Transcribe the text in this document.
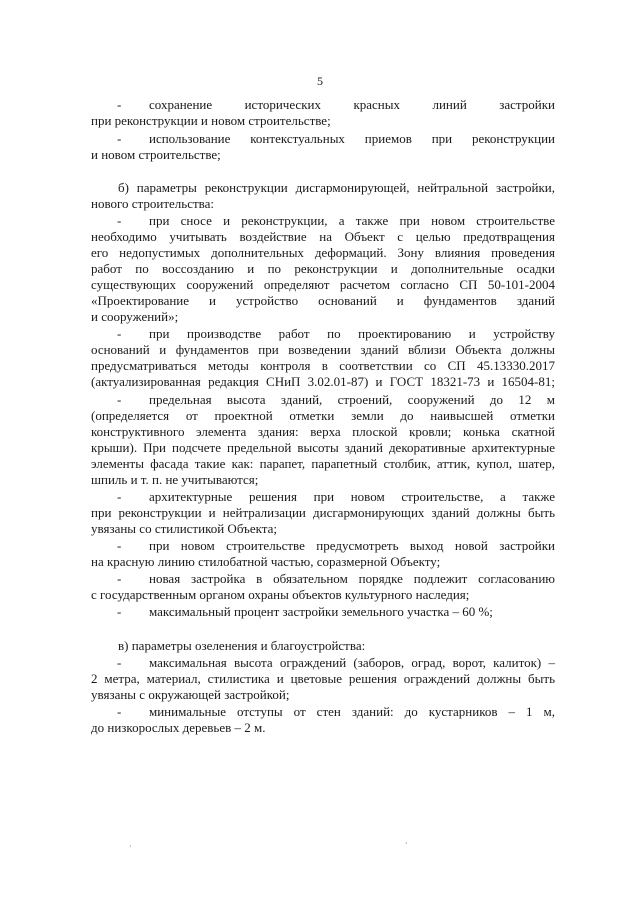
5
- сохранение исторических красных линий застройки
при реконструкции и новом строительстве;
- использование контекстуальных приемов при реконструкции
и новом строительстве;
б) параметры реконструкции дисгармонирующей, нейтральной застройки,
нового строительства:
- при сносе и реконструкции, а также при новом строительстве
необходимо учитывать воздействие на Объект с целью предотвращения
его недопустимых дополнительных деформаций. Зону влияния проведения
работ по воссозданию и по реконструкции и дополнительные осадки
существующих сооружений определяют расчетом согласно СП 50-101-2004
«Проектирование и устройство оснований и фундаментов зданий
и сооружений»;
- при производстве работ по проектированию и устройству
оснований и фундаментов при возведении зданий вблизи Объекта должны
предусматриваться методы контроля в соответствии со СП 45.13330.2017
(актуализированная редакция СНиП 3.02.01-87) и ГОСТ 18321-73 и 16504-81;
- предельная высота зданий, строений, сооружений до 12 м
(определяется от проектной отметки земли до наивысшей отметки
конструктивного элемента здания: верха плоской кровли; конька скатной
крыши). При подсчете предельной высоты зданий декоративные архитектурные
элементы фасада такие как: парапет, парапетный столбик, аттик, купол, шатер,
шпиль и т. п. не учитываются;
- архитектурные решения при новом строительстве, а также
при реконструкции и нейтрализации дисгармонирующих зданий должны быть
увязаны со стилистикой Объекта;
- при новом строительстве предусмотреть выход новой застройки
на красную линию стилобатной частью, соразмерной Объекту;
- новая застройка в обязательном порядке подлежит согласованию
с государственным органом охраны объектов культурного наследия;
- максимальный процент застройки земельного участка – 60 %;
в) параметры озеленения и благоустройства:
- максимальная высота ограждений (заборов, оград, ворот, калиток) –
2 метра, материал, стилистика и цветовые решения ограждений должны быть
увязаны с окружающей застройкой;
- минимальные отступы от стен зданий: до кустарников – 1 м,
до низкорослых деревьев – 2 м.
·	·
